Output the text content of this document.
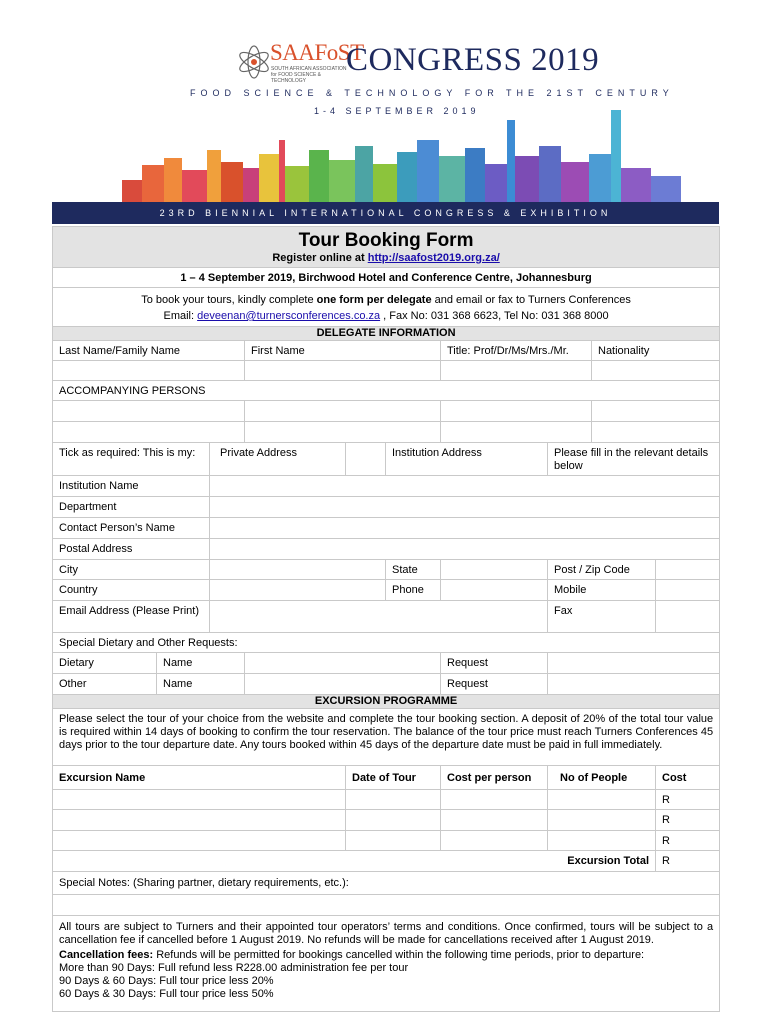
SAAFoST
SOUTH AFRICAN ASSOCIATION for FOOD SCIENCE & TECHNOLOGY
CONGRESS 2019
FOOD SCIENCE & TECHNOLOGY FOR THE 21ST CENTURY
1-4 SEPTEMBER 2019
23RD BIENNIAL INTERNATIONAL CONGRESS & EXHIBITION
Tour Booking Form
Register online at http://saafost2019.org.za/									
1 – 4 September 2019, Birchwood Hotel and Conference Centre, Johannesburg									
To book your tours, kindly complete one form per delegate and email or fax to Turners Conferences
Email: deveenan@turnersconferences.co.za , Fax No: 031 368 6623, Tel No: 031 368 8000									
DELEGATE INFORMATION									
Last Name/Family Name			First Name			Title: Prof/Dr/Ms/Mrs./Mr.		Nationality	

ACCOMPANYING PERSONS									

Tick as required: This is my:		Private Address			Institution Address		Please fill in the relevant details below		
Institution Name									
Department									
Contact Person’s Name									
Postal Address									
City					State		Post / Zip Code		
Country					Phone		Mobile		
Email Address (Please Print)							Fax		
Special Dietary and Other Requests:									
Dietary	Name					Request			
Other	Name					Request			
EXCURSION PROGRAMME									
Please select the tour of your choice from the website and complete the tour booking section. A deposit of 20% of the total tour value is required within 14 days of booking to confirm the tour reservation. The balance of the tour price must reach Turners Conferences 45 days prior to the tour departure date. Any tours booked within 45 days of the departure date must be paid in full immediately.									
Excursion Name				Date of Tour		Cost per person	No of People		Cost
									R
									R
									R
							Excursion Total		R
Special Notes: (Sharing partner, dietary requirements, etc.):									

All tours are subject to Turners and their appointed tour operators’ terms and conditions. Once confirmed, tours will be subject to a cancellation fee if cancelled before 1 August 2019. No refunds will be made for cancellations received after 1 August 2019.
Cancellation fees: Refunds will be permitted for bookings cancelled within the following time periods, prior to departure:
More than 90 Days: Full refund less R228.00 administration fee per tour
90 Days & 60 Days: Full tour price less 20%
60 Days & 30 Days: Full tour price less 50%									
